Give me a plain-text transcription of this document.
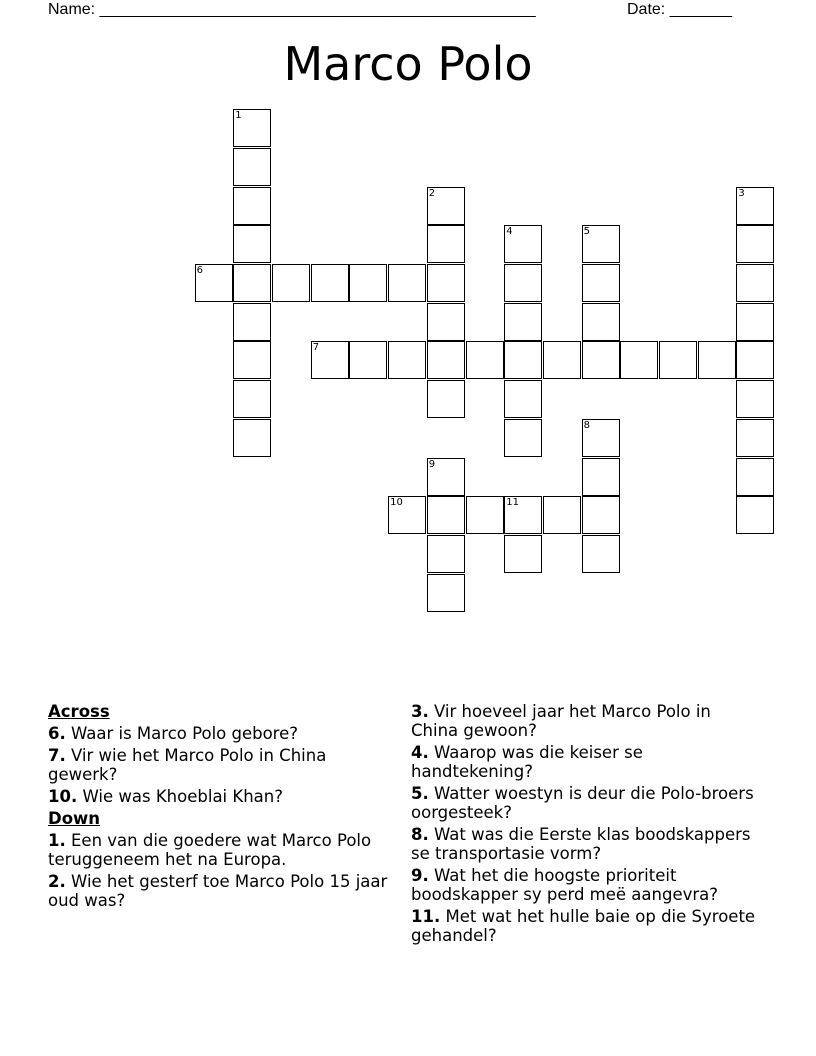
Name: _________________________________________________	Date: _______
Marco Polo
1
2	3
4	5
6
7
8
9
10	11
Across
6. Waar is Marco Polo gebore?
7. Vir wie het Marco Polo in China gewerk?
10. Wie was Khoeblai Khan?
Down
1. Een van die goedere wat Marco Polo teruggeneem het na Europa.
2. Wie het gesterf toe Marco Polo 15 jaar oud was?
3. Vir hoeveel jaar het Marco Polo in China gewoon?
4. Waarop was die keiser se handtekening?
5. Watter woestyn is deur die Polo-broers oorgesteek?
8. Wat was die Eerste klas boodskappers se transportasie vorm?
9. Wat het die hoogste prioriteit boodskapper sy perd meë aangevra?
11. Met wat het hulle baie op die Syroete gehandel?
